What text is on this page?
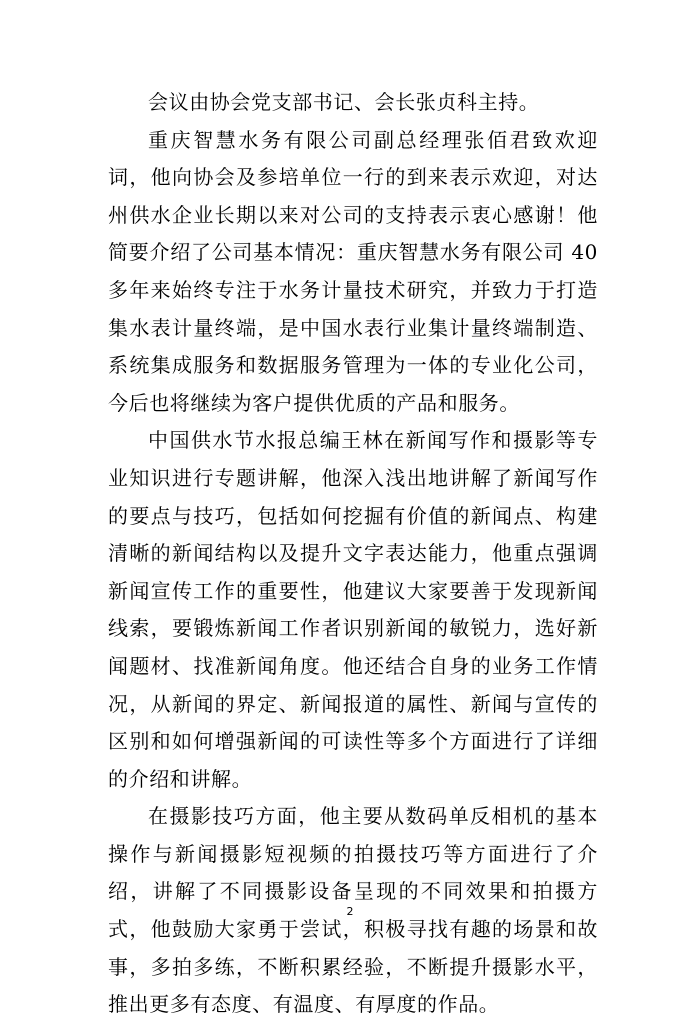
会议由协会党支部书记、会长张贞科主持。

重庆智慧水务有限公司副总经理张佰君致欢迎词，他向协会及参培单位一行的到来表示欢迎，对达州供水企业长期以来对公司的支持表示衷心感谢！他简要介绍了公司基本情况：重庆智慧水务有限公司 40 多年来始终专注于水务计量技术研究，并致力于打造集水表计量终端，是中国水表行业集计量终端制造、系统集成服务和数据服务管理为一体的专业化公司，今后也将继续为客户提供优质的产品和服务。

中国供水节水报总编王林在新闻写作和摄影等专业知识进行专题讲解，他深入浅出地讲解了新闻写作的要点与技巧，包括如何挖掘有价值的新闻点、构建清晰的新闻结构以及提升文字表达能力，他重点强调新闻宣传工作的重要性，他建议大家要善于发现新闻线索，要锻炼新闻工作者识别新闻的敏锐力，选好新闻题材、找准新闻角度。他还结合自身的业务工作情况，从新闻的界定、新闻报道的属性、新闻与宣传的区别和如何增强新闻的可读性等多个方面进行了详细的介绍和讲解。

在摄影技巧方面，他主要从数码单反相机的基本操作与新闻摄影短视频的拍摄技巧等方面进行了介绍，讲解了不同摄影设备呈现的不同效果和拍摄方式，他鼓励大家勇于尝试，积极寻找有趣的场景和故事，多拍多练，不断积累经验，不断提升摄影水平，推出更多有态度、有温度、有厚度的作品。

2
